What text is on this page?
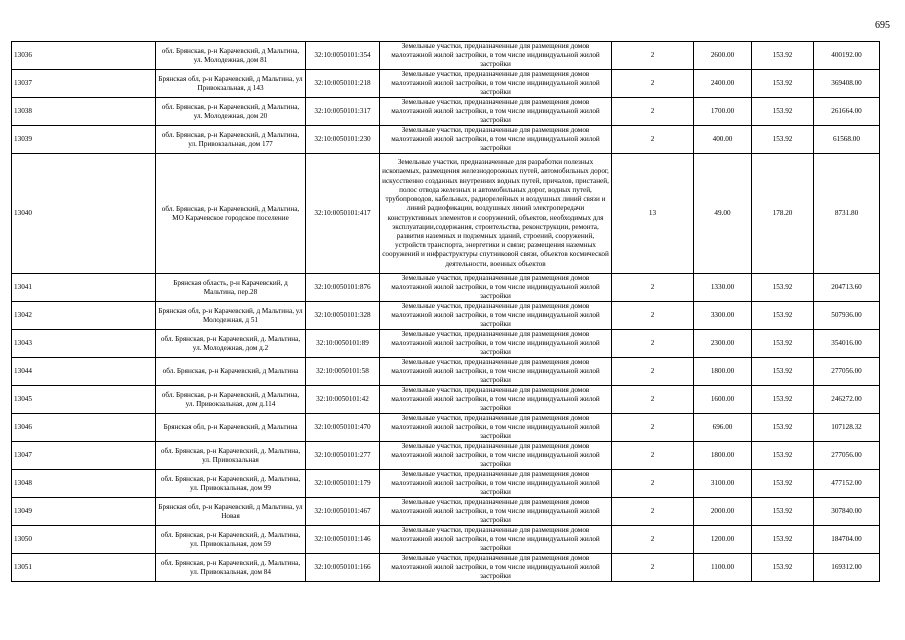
695
13036	обл. Брянская, р-н Карачевский, д Мальтина, ул. Молодежная, дом 81	32:10:0050101:354	Земельные участки, предназначенные для размещения домов малоэтажной жилой застройки, в том числе индивидуальной жилой застройки	2	2600.00	153.92	400192.00
13037	Брянская обл, р-н Карачевский, д Мальтина, ул Привокзальная, д 143	32:10:0050101:218	Земельные участки, предназначенные для размещения домов малоэтажной жилой застройки, в том числе индивидуальной жилой застройки	2	2400.00	153.92	369408.00
13038	обл. Брянская, р-н Карачевский, д Мальтина, ул. Молодежная, дом 20	32:10:0050101:317	Земельные участки, предназначенные для размещения домов малоэтажной жилой застройки, в том числе индивидуальной жилой застройки	2	1700.00	153.92	261664.00
13039	обл. Брянская, р-н Карачевский, д Мальтина, ул. Привокзальная, дом 177	32:10:0050101:230	Земельные участки, предназначенные для размещения домов малоэтажной жилой застройки, в том числе индивидуальной жилой застройки	2	400.00	153.92	61568.00
13040	обл. Брянская, р-н Карачевский, д Мальтина, МО Карачевское городское поселение	32:10:0050101:417	Земельные участки, предназначенные для разработки полезных ископаемых, размещения железнодорожных путей, автомобильных дорог, искусственно созданных внутренних водных путей, причалов, пристаней, полос отвода железных и автомобильных дорог, водных путей, трубопроводов, кабельных, радиорелейных и воздушных линий связи и линий радиофикации, воздушных линий электропередачи конструктивных элементов и сооружений, объектов, необходимых для эксплуатации,содержания, строительства, реконструкции, ремонта, развития наземных и подземных зданий, строений, сооружений, устройств транспорта, энергетики и связи; размещения наземных сооружений и инфраструктуры спутниковой связи, объектов космической деятельности, военных объектов	13	49.00	178.20	8731.80
13041	Брянская область, р-н Карачевский, д Мальтина, пер.28	32:10:0050101:876	Земельные участки, предназначенные для размещения домов малоэтажной жилой застройки, в том числе индивидуальной жилой застройки	2	1330.00	153.92	204713.60
13042	Брянская обл, р-н Карачевский, д Мальтина, ул Молодежная, д 51	32:10:0050101:328	Земельные участки, предназначенные для размещения домов малоэтажной жилой застройки, в том числе индивидуальной жилой застройки	2	3300.00	153.92	507936.00
13043	обл. Брянская, р-н Карачевский, д. Мальтина, ул. Молодежная, дом д.2	32:10:0050101:89	Земельные участки, предназначенные для размещения домов малоэтажной жилой застройки, в том числе индивидуальной жилой застройки	2	2300.00	153.92	354016.00
13044	обл. Брянская, р-н Карачевский, д Мальтина	32:10:0050101:58	Земельные участки, предназначенные для размещения домов малоэтажной жилой застройки, в том числе индивидуальной жилой застройки	2	1800.00	153.92	277056.00
13045	обл. Брянская, р-н Карачевский, д Мальтина, ул. Привокзальная, дом д.114	32:10:0050101:42	Земельные участки, предназначенные для размещения домов малоэтажной жилой застройки, в том числе индивидуальной жилой застройки	2	1600.00	153.92	246272.00
13046	Брянская обл, р-н Карачевский, д Мальтина	32:10:0050101:470	Земельные участки, предназначенные для размещения домов малоэтажной жилой застройки, в том числе индивидуальной жилой застройки	2	696.00	153.92	107128.32
13047	обл. Брянская, р-н Карачевский, д. Мальтина, ул. Привокзальная	32:10:0050101:277	Земельные участки, предназначенные для размещения домов малоэтажной жилой застройки, в том числе индивидуальной жилой застройки	2	1800.00	153.92	277056.00
13048	обл. Брянская, р-н Карачевский, д. Мальтина, ул. Привокзальная, дом 99	32:10:0050101:179	Земельные участки, предназначенные для размещения домов малоэтажной жилой застройки, в том числе индивидуальной жилой застройки	2	3100.00	153.92	477152.00
13049	Брянская обл, р-н Карачевский, д Мальтина, ул Новая	32:10:0050101:467	Земельные участки, предназначенные для размещения домов малоэтажной жилой застройки, в том числе индивидуальной жилой застройки	2	2000.00	153.92	307840.00
13050	обл. Брянская, р-н Карачевский, д. Мальтина, ул. Привокзальная, дом 59	32:10:0050101:146	Земельные участки, предназначенные для размещения домов малоэтажной жилой застройки, в том числе индивидуальной жилой застройки	2	1200.00	153.92	184704.00
13051	обл. Брянская, р-н Карачевский, д. Мальтина, ул. Привокзальная, дом 84	32:10:0050101:166	Земельные участки, предназначенные для размещения домов малоэтажной жилой застройки, в том числе индивидуальной жилой застройки	2	1100.00	153.92	169312.00
